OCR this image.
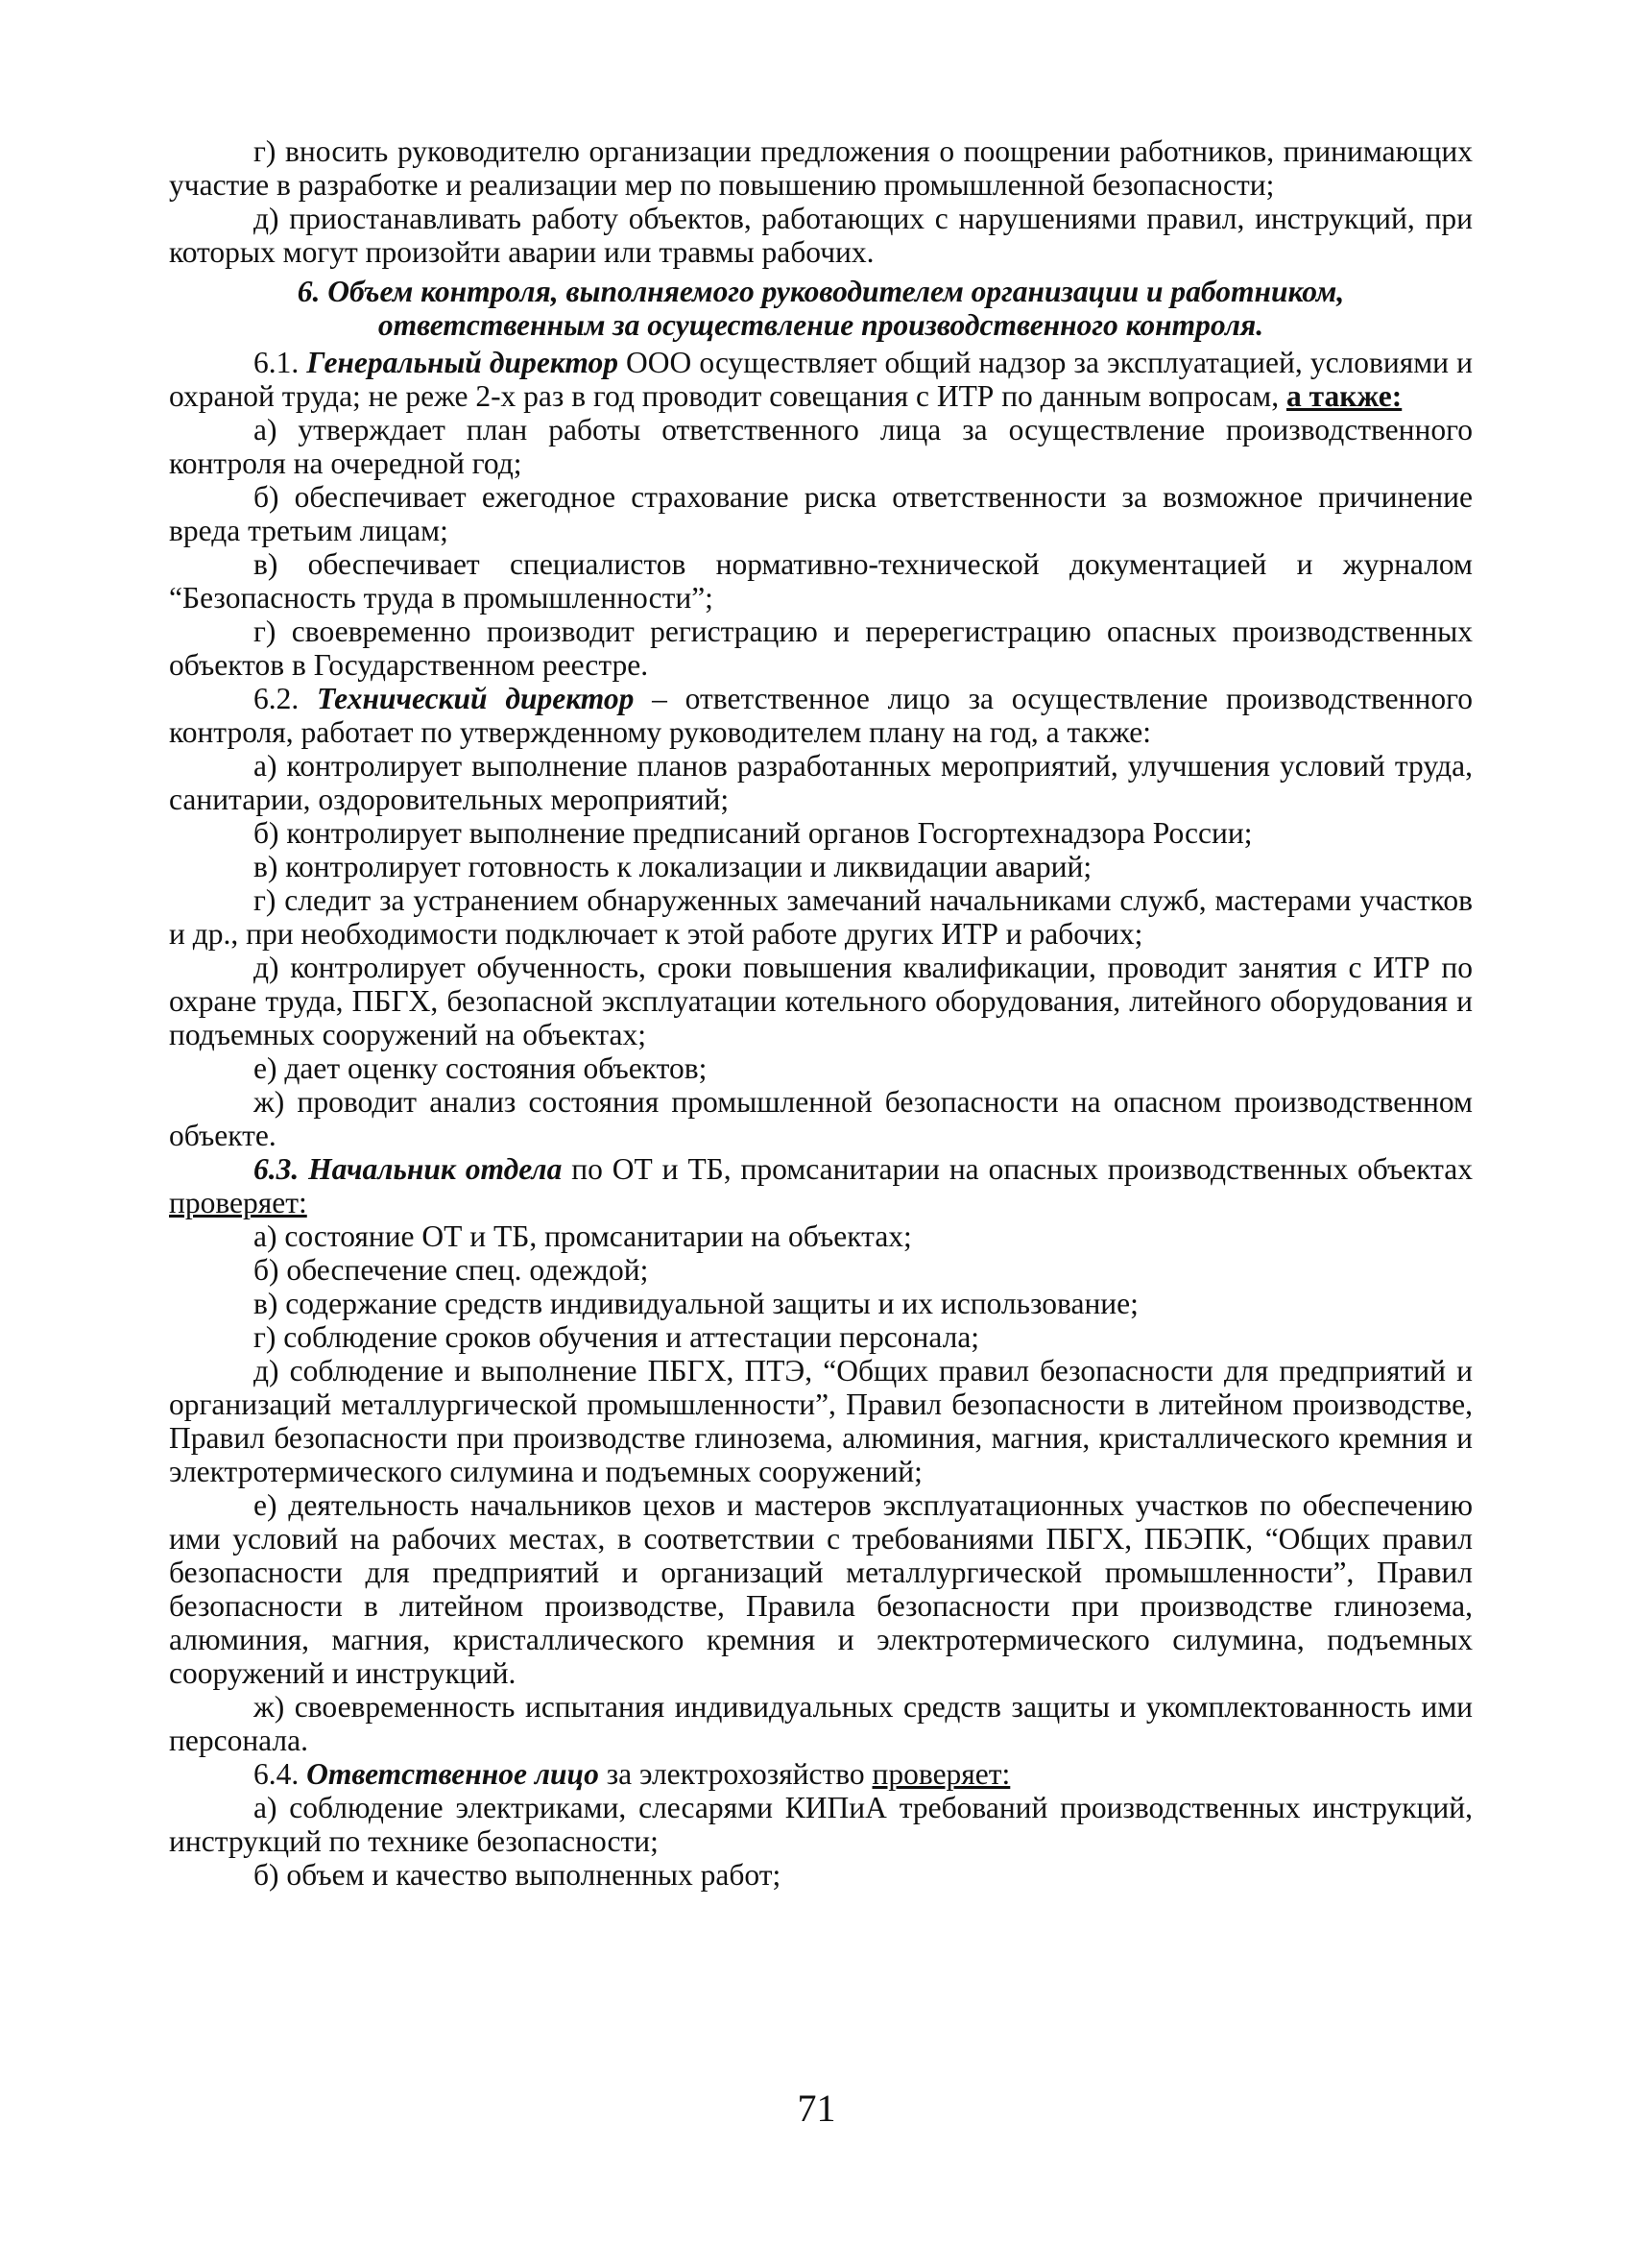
г) вносить руководителю организации предложения о поощрении работников, принимающих участие в разработке и реализации мер по повышению промышленной безопасности;

д) приостанавливать работу объектов, работающих с нарушениями правил, инструкций, при которых могут произойти аварии или травмы рабочих.

6. Объем контроля, выполняемого руководителем организации и работником,
ответственным за осуществление производственного контроля.

6.1. Генеральный директор ООО осуществляет общий надзор за эксплуатацией, условиями и охраной труда; не реже 2-х раз в год проводит совещания с ИТР по данным вопросам, а также:

а) утверждает план работы ответственного лица за осуществление производственного контроля на очередной год;

б) обеспечивает ежегодное страхование риска ответственности за возможное причинение вреда третьим лицам;

в) обеспечивает специалистов нормативно-технической документацией и журналом “Безопасность труда в промышленности”;

г) своевременно производит регистрацию и перерегистрацию опасных производственных объектов в Государственном реестре.

6.2. Технический директор – ответственное лицо за осуществление производственного контроля, работает по утвержденному руководителем плану на год, а также:

а) контролирует выполнение планов разработанных мероприятий, улучшения условий труда, санитарии, оздоровительных мероприятий;

б) контролирует выполнение предписаний органов Госгортехнадзора России;

в) контролирует готовность к локализации и ликвидации аварий;

г) следит за устранением обнаруженных замечаний начальниками служб, мастерами участков и др., при необходимости подключает к этой работе других ИТР и рабочих;

д) контролирует обученность, сроки повышения квалификации, проводит занятия с ИТР по охране труда, ПБГХ, безопасной эксплуатации котельного оборудования, литейного оборудования и подъемных сооружений на объектах;

е) дает оценку состояния объектов;

ж) проводит анализ состояния промышленной безопасности на опасном производственном объекте.

6.3. Начальник отдела по ОТ и ТБ, промсанитарии на опасных производственных объектах проверяет:

а) состояние ОТ и ТБ, промсанитарии на объектах;

б) обеспечение спец. одеждой;

в) содержание средств индивидуальной защиты и их использование;

г) соблюдение сроков обучения и аттестации персонала;

д) соблюдение и выполнение ПБГХ, ПТЭ, “Общих правил безопасности для предприятий и организаций металлургической промышленности”, Правил безопасности в литейном производстве, Правил безопасности при производстве глинозема, алюминия, магния, кристаллического кремния и электротермического силумина и подъемных сооружений;

е) деятельность начальников цехов и мастеров эксплуатационных участков по обеспечению ими условий на рабочих местах, в соответствии с требованиями ПБГХ, ПБЭПК, “Общих правил безопасности для предприятий и организаций металлургической промышленности”, Правил безопасности в литейном производстве, Правила безопасности при производстве глинозема, алюминия, магния, кристаллического кремния и электротермического силумина, подъемных сооружений и инструкций.

ж) своевременность испытания индивидуальных средств защиты и укомплектованность ими персонала.

6.4. Ответственное лицо за электрохозяйство проверяет:

а) соблюдение электриками, слесарями КИПиА требований производственных инструкций, инструкций по технике безопасности;

б) объем и качество выполненных работ;

71
